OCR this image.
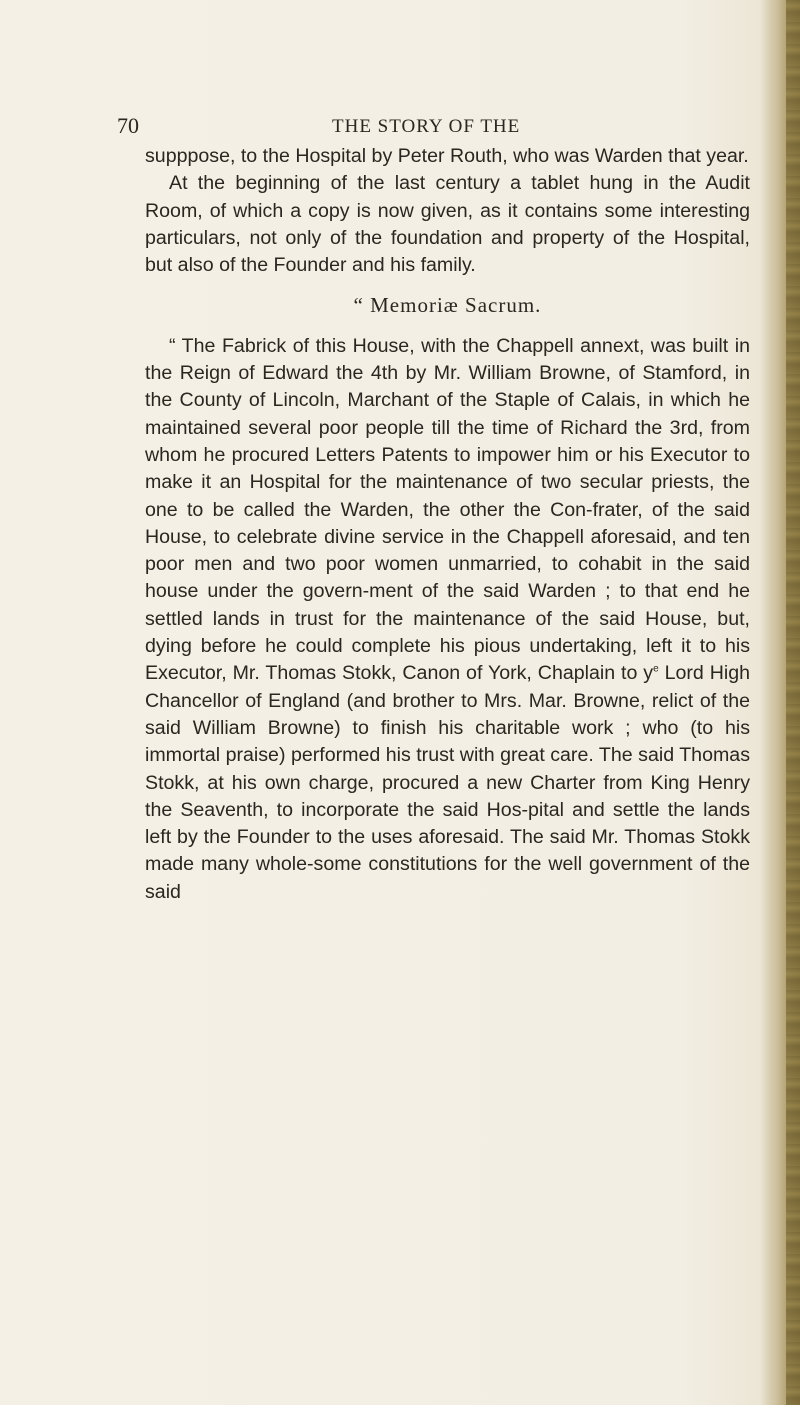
70	THE STORY OF THE

supppose, to the Hospital by Peter Routh, who was Warden that year.

At the beginning of the last century a tablet hung in the Audit Room, of which a copy is now given, as it contains some interesting particulars, not only of the foundation and property of the Hospital, but also of the Founder and his family.

“ Memoriæ Sacrum.

“ The Fabrick of this House, with the Chappell annext, was built in the Reign of Edward the 4th by Mr. William Browne, of Stamford, in the County of Lincoln, Marchant of the Staple of Calais, in which he maintained several poor people till the time of Richard the 3rd, from whom he procured Letters Patents to impower him or his Executor to make it an Hospital for the maintenance of two secular priests, the one to be called the Warden, the other the Con-frater, of the said House, to celebrate divine service in the Chappell aforesaid, and ten poor men and two poor women unmarried, to cohabit in the said house under the govern-ment of the said Warden ; to that end he settled lands in trust for the maintenance of the said House, but, dying before he could complete his pious undertaking, left it to his Executor, Mr. Thomas Stokk, Canon of York, Chaplain to $y^e$ Lord High Chancellor of England (and brother to Mrs. Mar. Browne, relict of the said William Browne) to finish his charitable work ; who (to his immortal praise) performed his trust with great care. The said Thomas Stokk, at his own charge, procured a new Charter from King Henry the Seaventh, to incorporate the said Hos-pital and settle the lands left by the Founder to the uses aforesaid. The said Mr. Thomas Stokk made many whole-some constitutions for the well government of the said
